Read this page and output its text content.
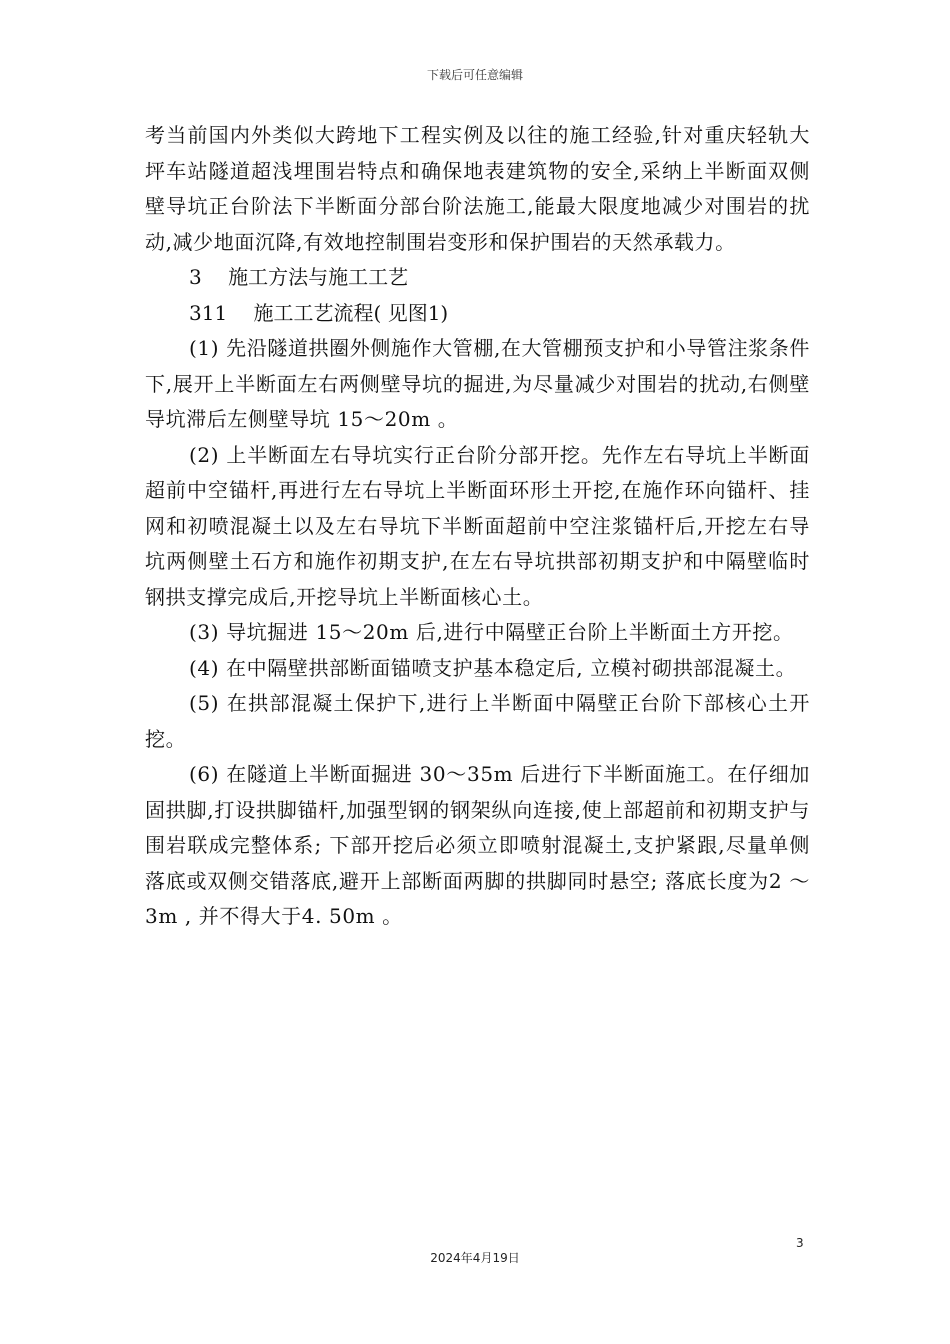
下载后可任意编辑

考当前国内外类似大跨地下工程实例及以往的施工经验,针对重庆轻轨大坪车站隧道超浅埋围岩特点和确保地表建筑物的安全,采纳上半断面双侧壁导坑正台阶法下半断面分部台阶法施工,能最大限度地减少对围岩的扰动,减少地面沉降,有效地控制围岩变形和保护围岩的天然承载力。

3　 施工方法与施工工艺

311　 施工工艺流程( 见图1)

(1) 先沿隧道拱圈外侧施作大管棚,在大管棚预支护和小导管注浆条件下,展开上半断面左右两侧壁导坑的掘进,为尽量减少对围岩的扰动,右侧壁导坑滞后左侧壁导坑 15～20m 。

(2) 上半断面左右导坑实行正台阶分部开挖。先作左右导坑上半断面超前中空锚杆,再进行左右导坑上半断面环形土开挖,在施作环向锚杆、挂网和初喷混凝土以及左右导坑下半断面超前中空注浆锚杆后,开挖左右导坑两侧壁土石方和施作初期支护,在左右导坑拱部初期支护和中隔壁临时钢拱支撑完成后,开挖导坑上半断面核心土。

(3) 导坑掘进 15～20m 后,进行中隔壁正台阶上半断面土方开挖。

(4) 在中隔壁拱部断面锚喷支护基本稳定后, 立模衬砌拱部混凝土。

(5) 在拱部混凝土保护下,进行上半断面中隔壁正台阶下部核心土开挖。

(6) 在隧道上半断面掘进 30～35m 后进行下半断面施工。在仔细加固拱脚,打设拱脚锚杆,加强型钢的钢架纵向连接,使上部超前和初期支护与围岩联成完整体系; 下部开挖后必须立即喷射混凝土,支护紧跟,尽量单侧落底或双侧交错落底,避开上部断面两脚的拱脚同时悬空; 落底长度为2 ～ 3m , 并不得大于4. 50m 。

3
2024年4月19日
